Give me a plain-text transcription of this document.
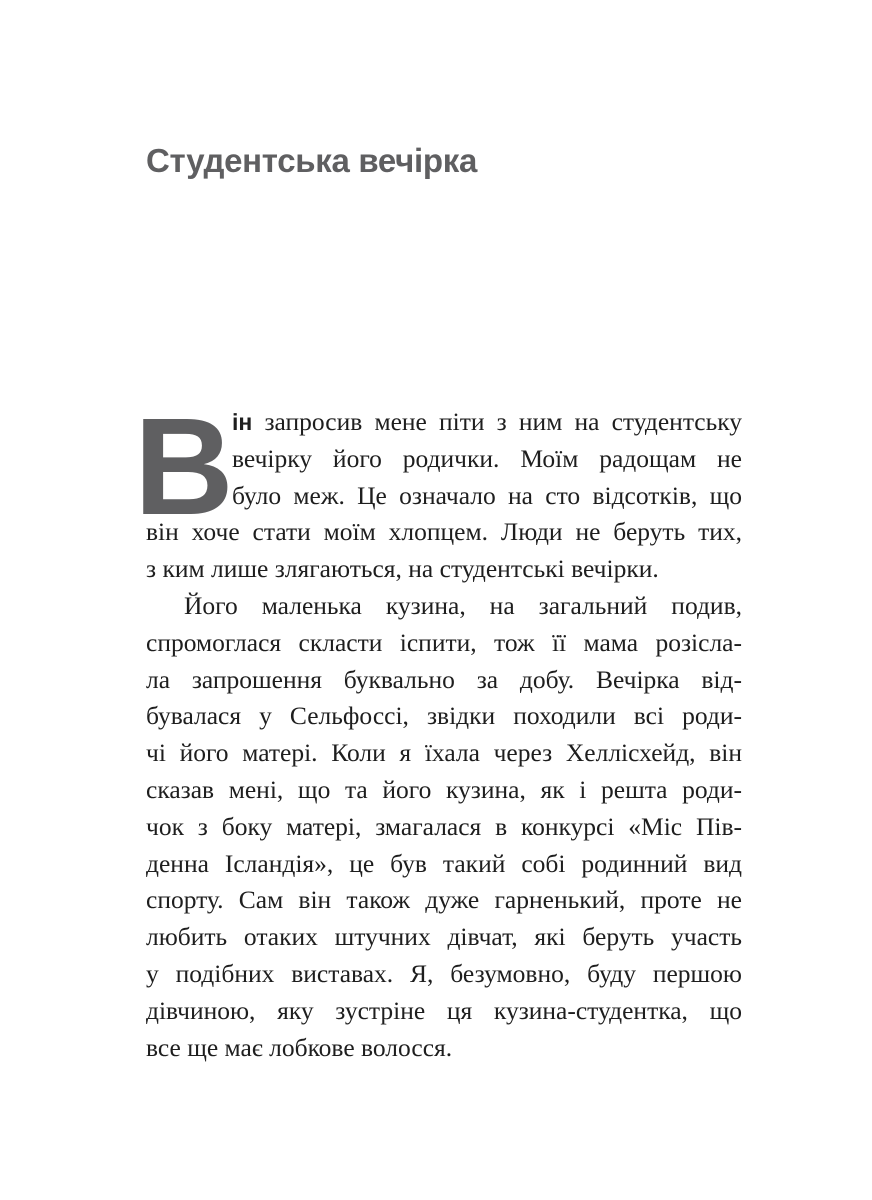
Студентська вечірка
В
ін запросив мене піти з ним на студентську
вечірку його родички. Моїм радощам не
було меж. Це означало на сто відсотків, що
він хоче стати моїм хлопцем. Люди не беруть тих,
з ким лише злягаються, на студентські вечірки.
Його маленька кузина, на загальний подив,
спромоглася скласти іспити, тож її мама розісла-
ла запрошення буквально за добу. Вечірка від-
бувалася у Сельфоссі, звідки походили всі роди-
чі його матері. Коли я їхала через Хеллісхейд, він
сказав мені, що та його кузина, як і решта роди-
чок з боку матері, змагалася в конкурсі «Міс Пів-
денна Ісландія», це був такий собі родинний вид
спорту. Сам він також дуже гарненький, проте не
любить отаких штучних дівчат, які беруть участь
у подібних виставах. Я, безумовно, буду першою
дівчиною, яку зустріне ця кузина-студентка, що
все ще має лобкове волосся.
